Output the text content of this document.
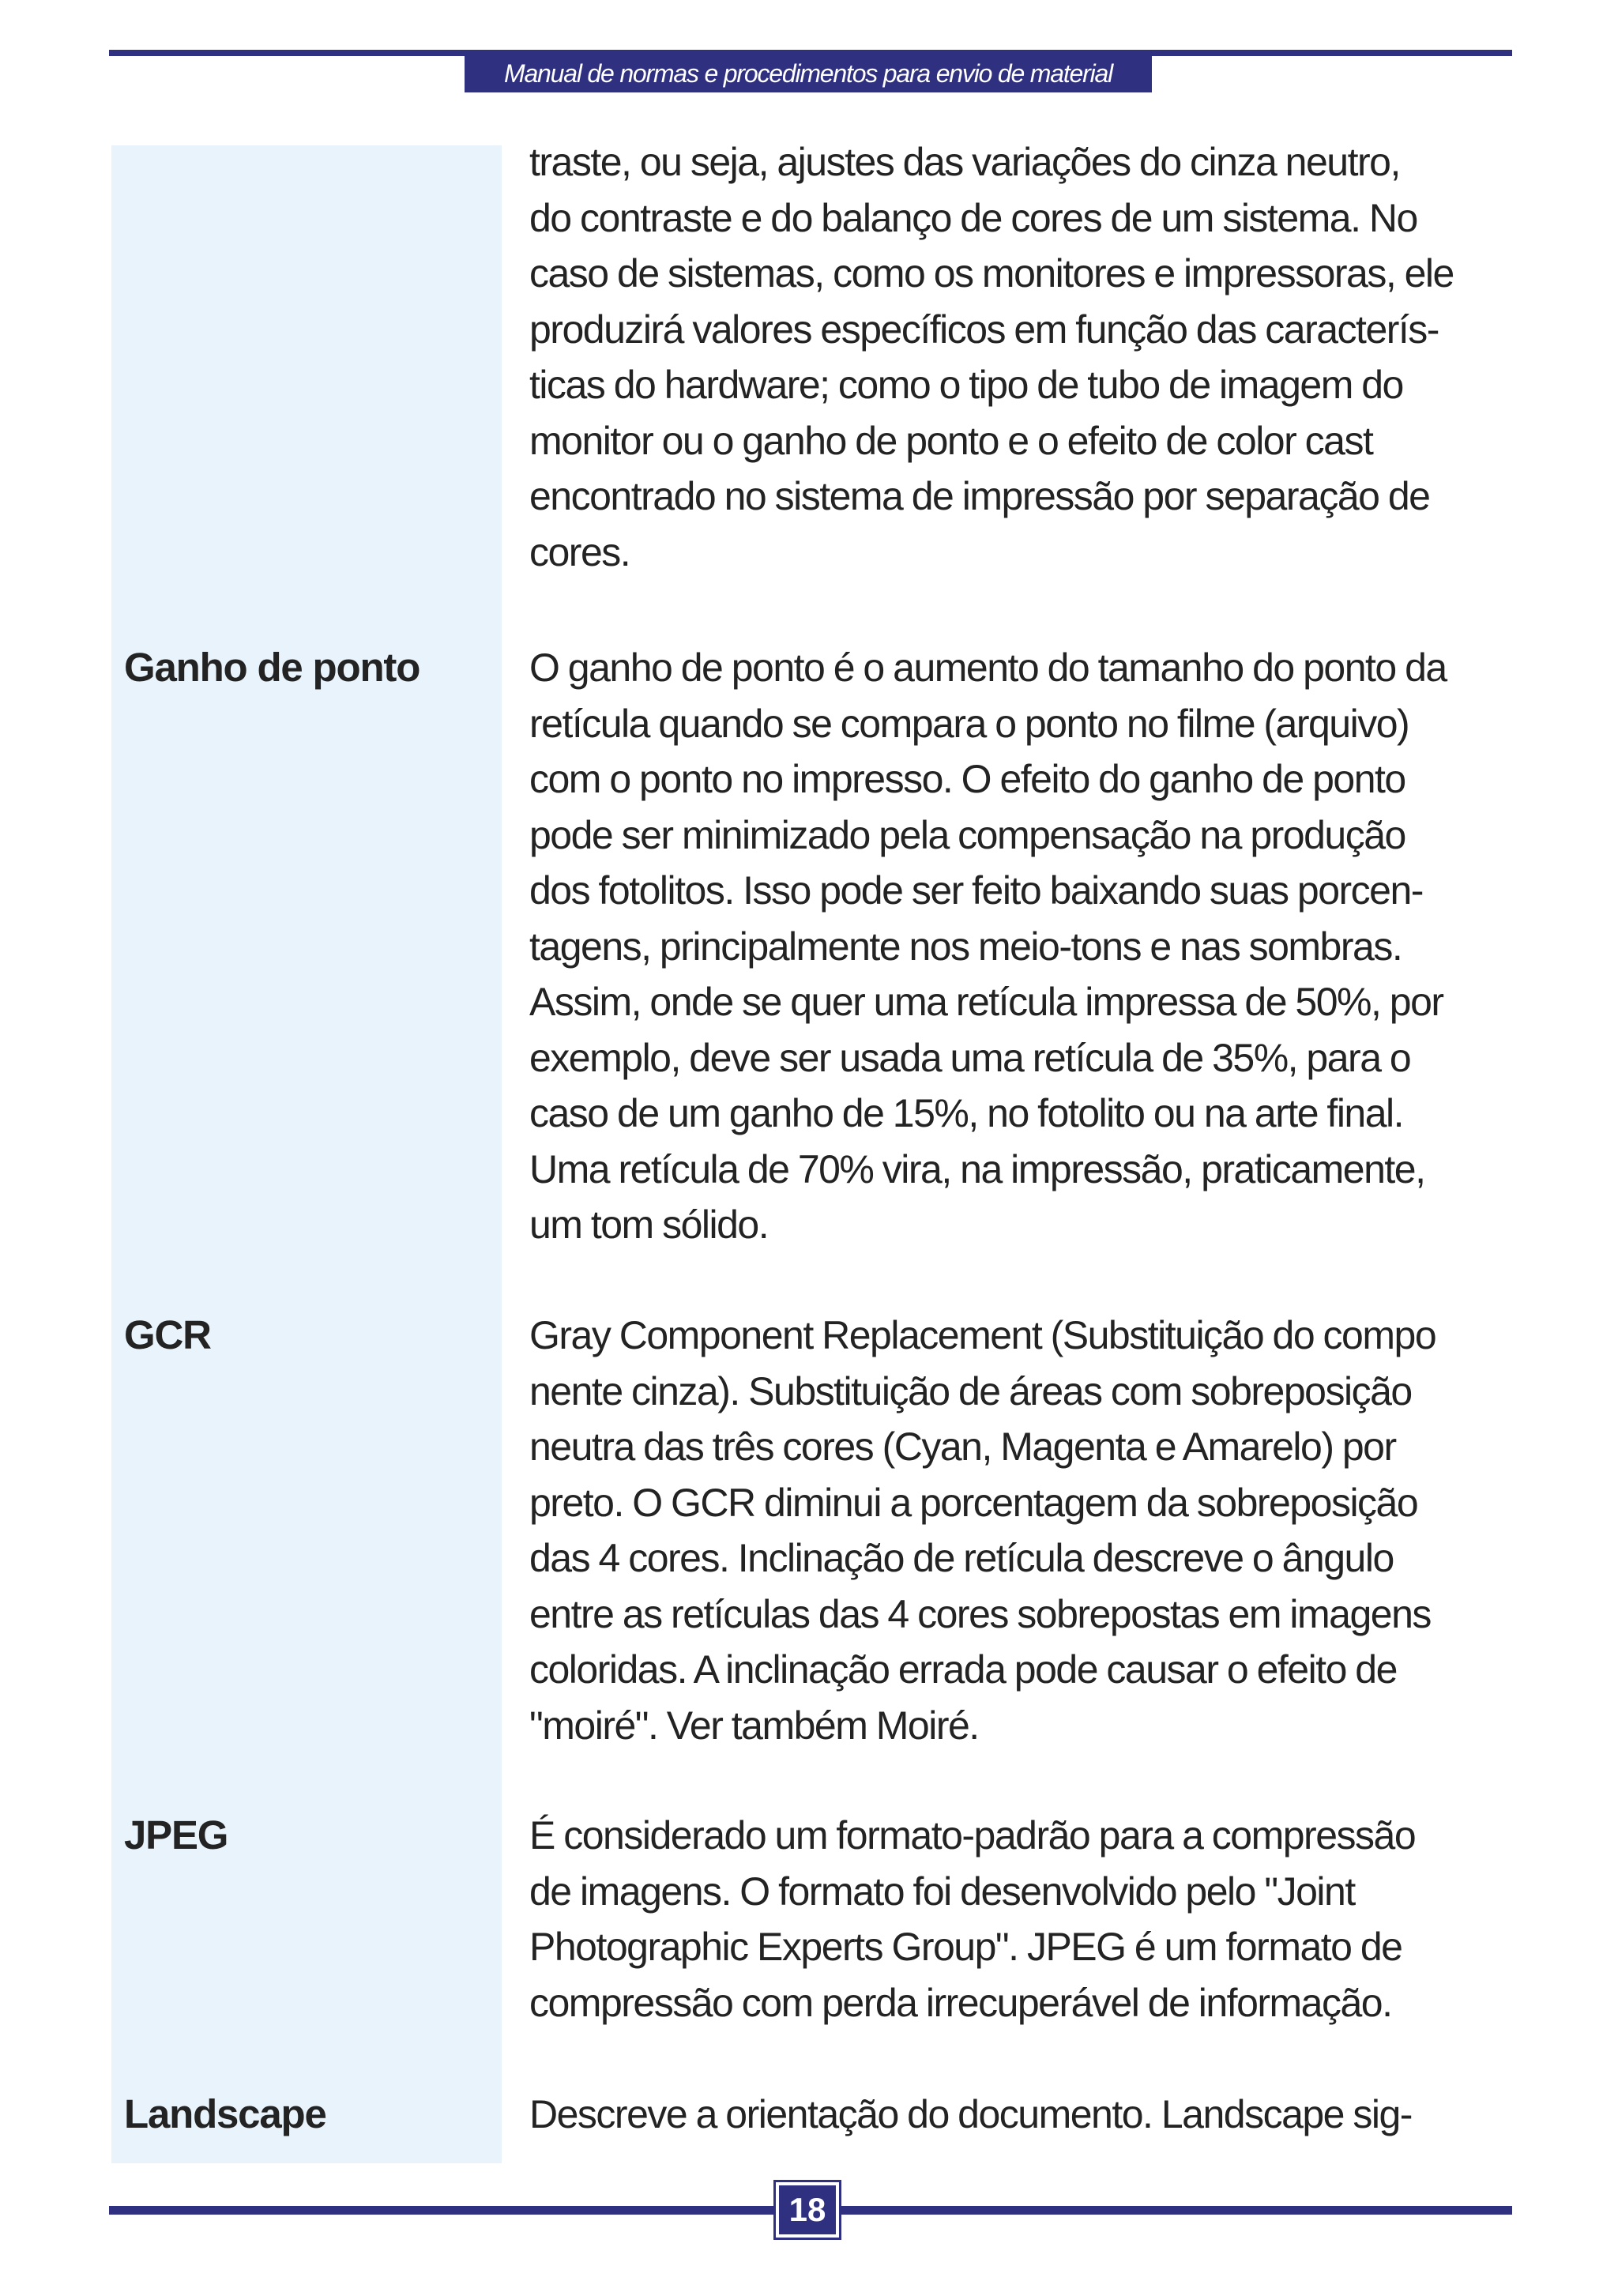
Manual de normas e procedimentos para envio de material

traste, ou seja, ajustes das variações do cinza neutro,
do contraste e do balanço de cores de um sistema. No
caso de sistemas, como os monitores e impressoras, ele
produzirá valores específicos em função das caracterís-
ticas do hardware; como o tipo de tubo de imagem do
monitor ou o ganho de ponto e o efeito de color cast
encontrado no sistema de impressão por separação de
cores.

Ganho de ponto	O ganho de ponto é o aumento do tamanho do ponto da
retícula quando se compara o ponto no filme (arquivo)
com o ponto no impresso. O efeito do ganho de ponto
pode ser minimizado pela compensação na produção
dos fotolitos. Isso pode ser feito baixando suas porcen-
tagens, principalmente nos meio-tons e nas sombras.
Assim, onde se quer uma retícula impressa de 50%, por
exemplo, deve ser usada uma retícula de 35%, para o
caso de um ganho de 15%, no fotolito ou na arte final.
Uma retícula de 70% vira, na impressão, praticamente,
um tom sólido.

GCR	Gray Component Replacement (Substituição do compo
nente cinza). Substituição de áreas com sobreposição
neutra das três cores (Cyan, Magenta e Amarelo) por
preto. O GCR diminui a porcentagem da sobreposição
das 4 cores. Inclinação de retícula descreve o ângulo
entre as retículas das 4 cores sobrepostas em imagens
coloridas. A inclinação errada pode causar o efeito de
"moiré". Ver também Moiré.

JPEG	É considerado um formato-padrão para a compressão
de imagens. O formato foi desenvolvido pelo "Joint
Photographic Experts Group". JPEG é um formato de
compressão com perda irrecuperável de informação.

Landscape	Descreve a orientação do documento. Landscape sig-

18
